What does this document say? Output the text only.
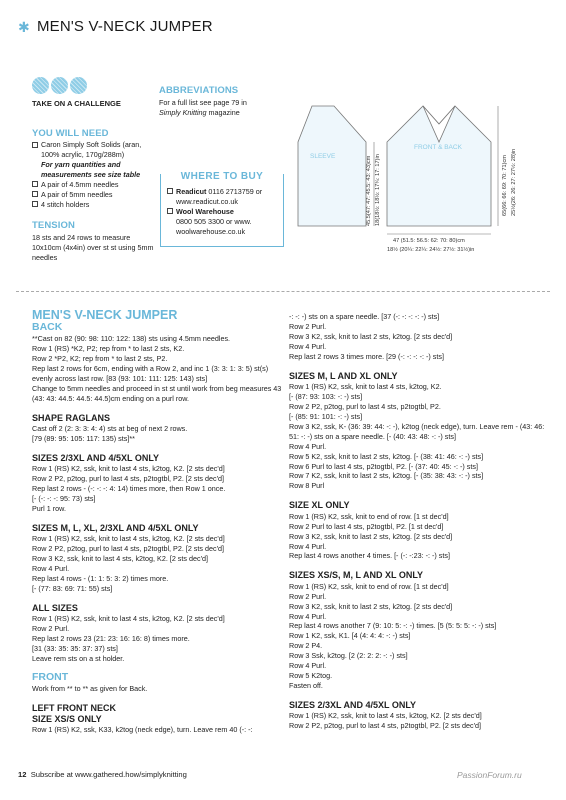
✱ MEN'S V-NECK JUMPER
TAKE ON A CHALLENGE
YOU WILL NEED
Caron Simply Soft Solids (aran, 100% acrylic, 170g/288m)
For yarn quantities and measurements see size table
A pair of 4.5mm needles
A pair of 5mm needles
4 stitch holders
TENSION
18 sts and 24 rows to measure 10x10cm (4x4in) over st st using 5mm needles
ABBREVIATIONS
For a full list see page 79 in
Simply Knitting magazine
WHERE TO BUY
Readicut 0116 2713759 or
www.readicut.co.uk
Wool Warehouse
0800 505 3300 or www.
woolwarehouse.co.uk
SLEEVE
FRONT & BACK
45.5(47: 47: 45.5: 43: 43)cm 18(18½: 18½: 17¾: 17: 17)in	65(66: 66: 69: 70: 71)cm 25½(26: 26: 27: 27½: 28)in
47 (51.5: 56.5: 62: 70: 80)cm
18½ (20¼: 22¼: 24½: 27½: 31½)in
MEN'S V-NECK JUMPER
BACK
**Cast on 82 (90: 98: 110: 122: 138) sts using 4.5mm needles.
Row 1 (RS) *K2, P2; rep from * to last 2 sts, K2.
Row 2 *P2, K2; rep from * to last 2 sts, P2.
Rep last 2 rows for 6cm, ending with a Row 2, and inc 1 (3: 3: 1: 3: 5) st(s) evenly across last row. [83 (93: 101: 111: 125: 143) sts]
Change to 5mm needles and proceed in st st until work from beg measures 43 (43: 43: 44.5: 44.5: 44.5)cm ending on a purl row.
SHAPE RAGLANS
Cast off 2 (2: 3: 3: 4: 4) sts at beg of next 2 rows.
[79 (89: 95: 105: 117: 135) sts]**
SIZES 2/3XL AND 4/5XL ONLY
Row 1 (RS) K2, ssk, knit to last 4 sts, k2tog, K2. [2 sts dec'd]
Row 2 P2, p2tog, purl to last 4 sts, p2togtbl, P2. [2 sts dec'd]
Rep last 2 rows - (-: -: -: 4: 14) times more, then Row 1 once.
[- (-: -: -: 95: 73) sts]
Purl 1 row.
SIZES M, L, XL, 2/3XL AND 4/5XL ONLY
Row 1 (RS) K2, ssk, knit to last 4 sts, k2tog, K2. [2 sts dec'd]
Row 2 P2, p2tog, purl to last 4 sts, p2togtbl, P2. [2 sts dec'd]
Row 3 K2, ssk, knit to last 4 sts, k2tog, K2. [2 sts dec'd]
Row 4 Purl.
Rep last 4 rows - (1: 1: 5: 3: 2) times more.
[- (77: 83: 69: 71: 55) sts]
ALL SIZES
Row 1 (RS) K2, ssk, knit to last 4 sts, k2tog, K2. [2 sts dec'd]
Row 2 Purl.
Rep last 2 rows 23 (21: 23: 16: 16: 8) times more.
[31 (33: 35: 35: 37: 37) sts]
Leave rem sts on a st holder.
FRONT
Work from ** to ** as given for Back.
LEFT FRONT NECK
SIZE XS/S ONLY
Row 1 (RS) K2, ssk, K33, k2tog (neck edge), turn. Leave rem 40 (-: -:
-: -: -) sts on a spare needle. [37 (-: -: -: -: -) sts]
Row 2 Purl.
Row 3 K2, ssk, knit to last 2 sts, k2tog. [2 sts dec'd]
Row 4 Purl.
Rep last 2 rows 3 times more. [29 (-: -: -: -: -) sts]
SIZES M, L AND XL ONLY
Row 1 (RS) K2, ssk, knit to last 4 sts, k2tog, K2.
[- (87: 93: 103: -: -) sts]
Row 2 P2, p2tog, purl to last 4 sts, p2togtbl, P2.
[- (85: 91: 101: -: -) sts]
Row 3 K2, ssk, K- (36: 39: 44: -: -), k2tog (neck edge), turn. Leave rem - (43: 46: 51: -: -) sts on a spare needle. [- (40: 43: 48: -: -) sts]
Row 4 Purl.
Row 5 K2, ssk, knit to last 2 sts, k2tog. [- (38: 41: 46: -: -) sts]
Row 6 Purl to last 4 sts, p2togtbl, P2. [- (37: 40: 45: -: -) sts]
Row 7 K2, ssk, knit to last 2 sts, k2tog. [- (35: 38: 43: -: -) sts]
Row 8 Purl
SIZE XL ONLY
Row 1 (RS) K2, ssk, knit to end of row. [1 st dec'd]
Row 2 Purl to last 4 sts, p2togtbl, P2. [1 st dec'd]
Row 3 K2, ssk, knit to last 2 sts, k2tog. [2 sts dec'd]
Row 4 Purl.
Rep last 4 rows another 4 times. [- (-: -:23: -: -) sts]
SIZES XS/S, M, L AND XL ONLY
Row 1 (RS) K2, ssk, knit to end of row. [1 st dec'd]
Row 2 Purl.
Row 3 K2, ssk, knit to last 2 sts, k2tog. [2 sts dec'd]
Row 4 Purl.
Rep last 4 rows another 7 (9: 10: 5: -: -) times. [5 (5: 5: 5: -: -) sts]
Row 1 K2, ssk, K1. [4 (4: 4: 4: -: -) sts]
Row 2 P4.
Row 3 Ssk, k2tog. [2 (2: 2: 2: -: -) sts]
Row 4 Purl.
Row 5 K2tog.
Fasten off.
SIZES 2/3XL AND 4/5XL ONLY
Row 1 (RS) K2, ssk, knit to last 4 sts, k2tog, K2. [2 sts dec'd]
Row 2 P2, p2tog, purl to last 4 sts, p2togtbl, P2. [2 sts dec'd]
12 Subscribe at www.gathered.how/simplyknitting	PassionForum.ru
